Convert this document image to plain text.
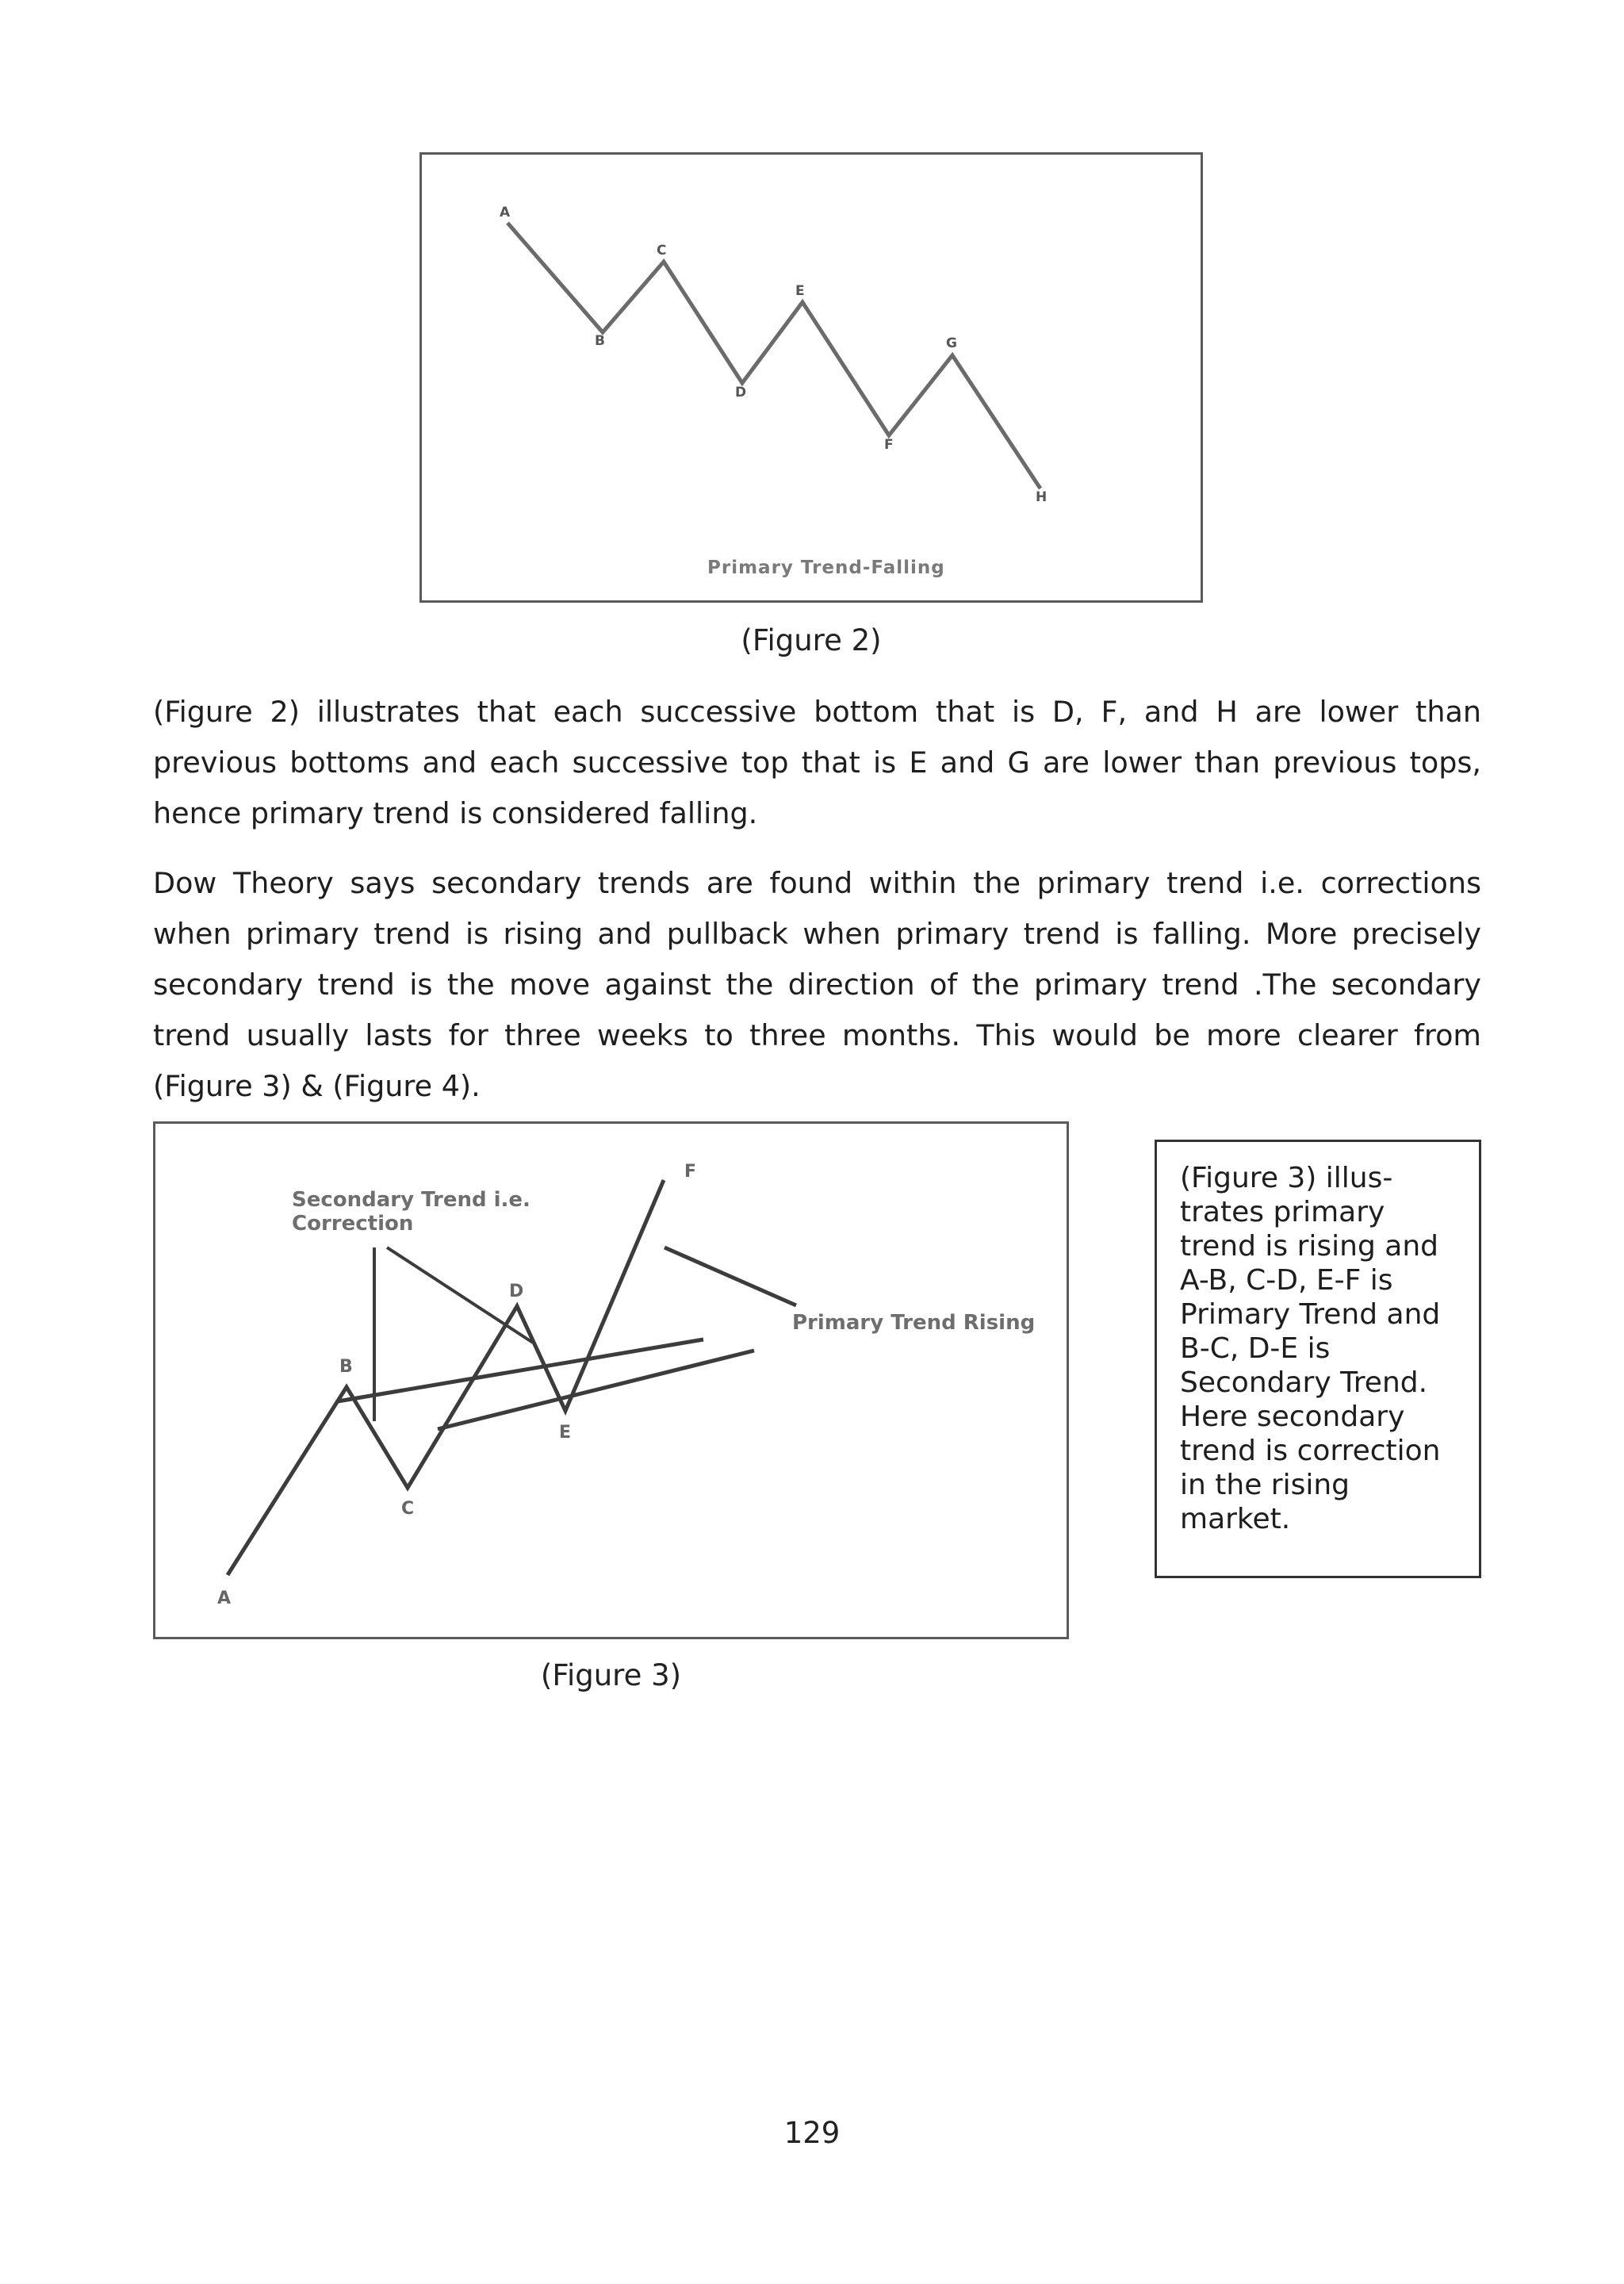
A
B
C
D
E
F
G
H
Primary Trend-Falling
(Figure 2)

(Figure 2) illustrates that each successive bottom that is D, F, and H are lower than previous bottoms and each successive top that is E and G are lower than previous tops, hence primary trend is considered falling.

Dow Theory says secondary trends are found within the primary trend i.e. corrections when primary trend is rising and pullback when primary trend is falling. More precisely secondary trend is the move against the direction of the primary trend .The secondary trend usually lasts for three weeks to three months. This would be more clearer from (Figure 3) & (Figure 4).

A
B
C
D
E
F
Secondary Trend i.e.
Correction
Primary Trend Rising
(Figure 3)
(Figure 3) illus-
trates primary
trend is rising and
A-B, C-D, E-F is
Primary Trend and
B-C, D-E is
Secondary Trend.
Here secondary
trend is correction
in the rising
market.
129
